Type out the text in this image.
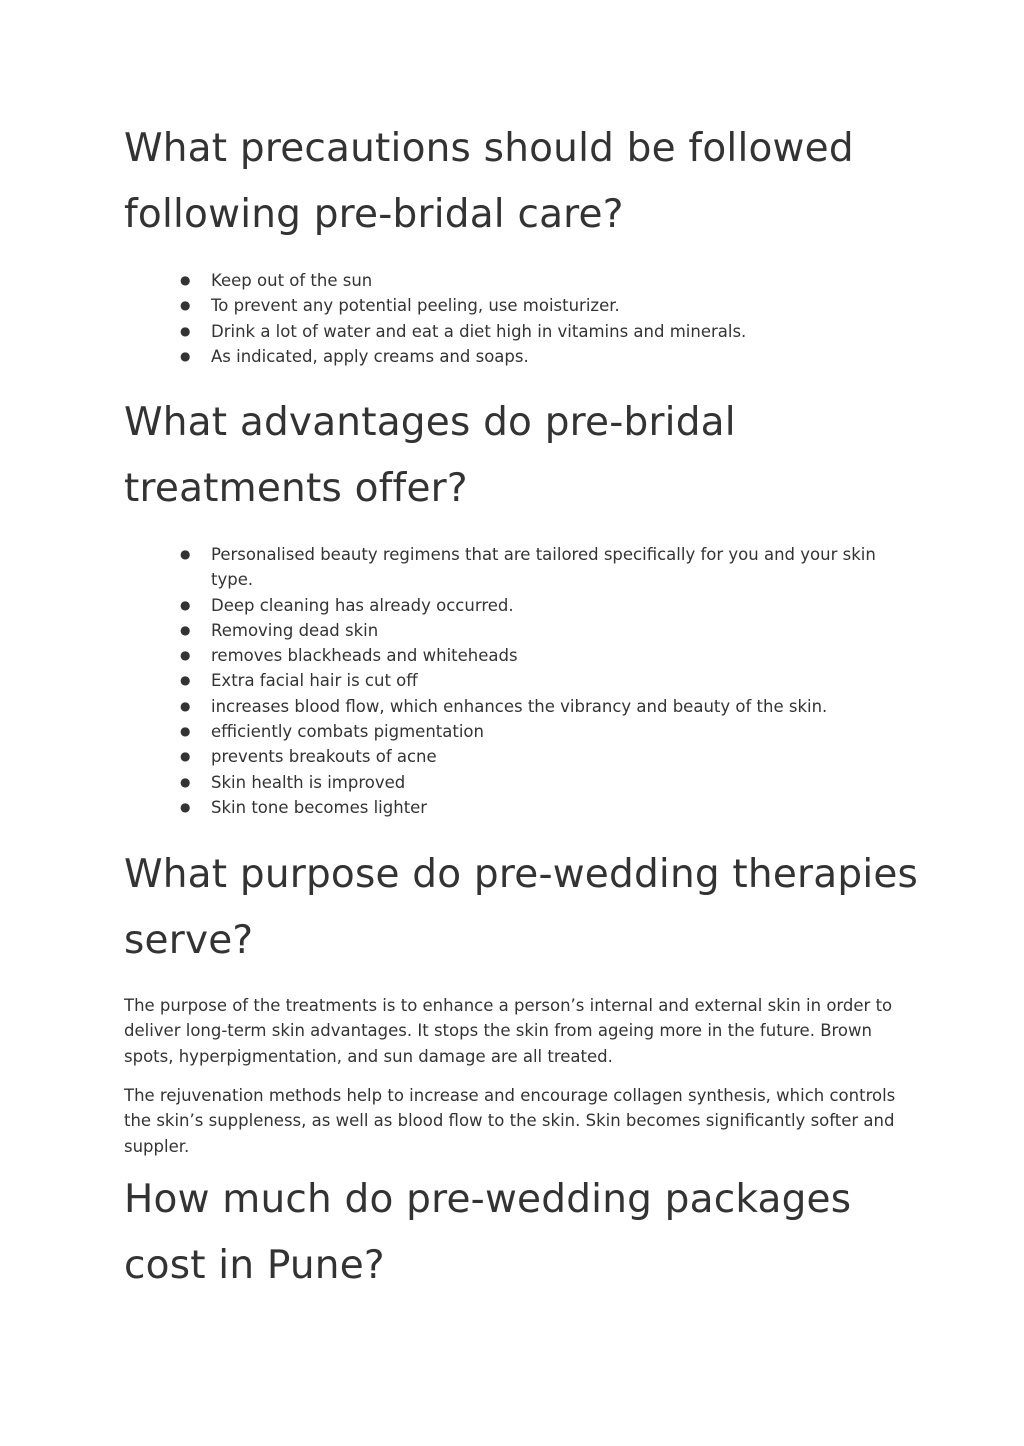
What precautions should be followed following pre-bridal care?
● Keep out of the sun
● To prevent any potential peeling, use moisturizer.
● Drink a lot of water and eat a diet high in vitamins and minerals.
● As indicated, apply creams and soaps.
What advantages do pre-bridal treatments offer?
● Personalised beauty regimens that are tailored specifically for you and your skin type.
● Deep cleaning has already occurred.
● Removing dead skin
● removes blackheads and whiteheads
● Extra facial hair is cut off
● increases blood flow, which enhances the vibrancy and beauty of the skin.
● efficiently combats pigmentation
● prevents breakouts of acne
● Skin health is improved
● Skin tone becomes lighter
What purpose do pre-wedding therapies serve?

The purpose of the treatments is to enhance a person’s internal and external skin in order to deliver long-term skin advantages. It stops the skin from ageing more in the future. Brown spots, hyperpigmentation, and sun damage are all treated.

The rejuvenation methods help to increase and encourage collagen synthesis, which controls the skin’s suppleness, as well as blood flow to the skin. Skin becomes significantly softer and suppler.

How much do pre-wedding packages cost in Pune?
